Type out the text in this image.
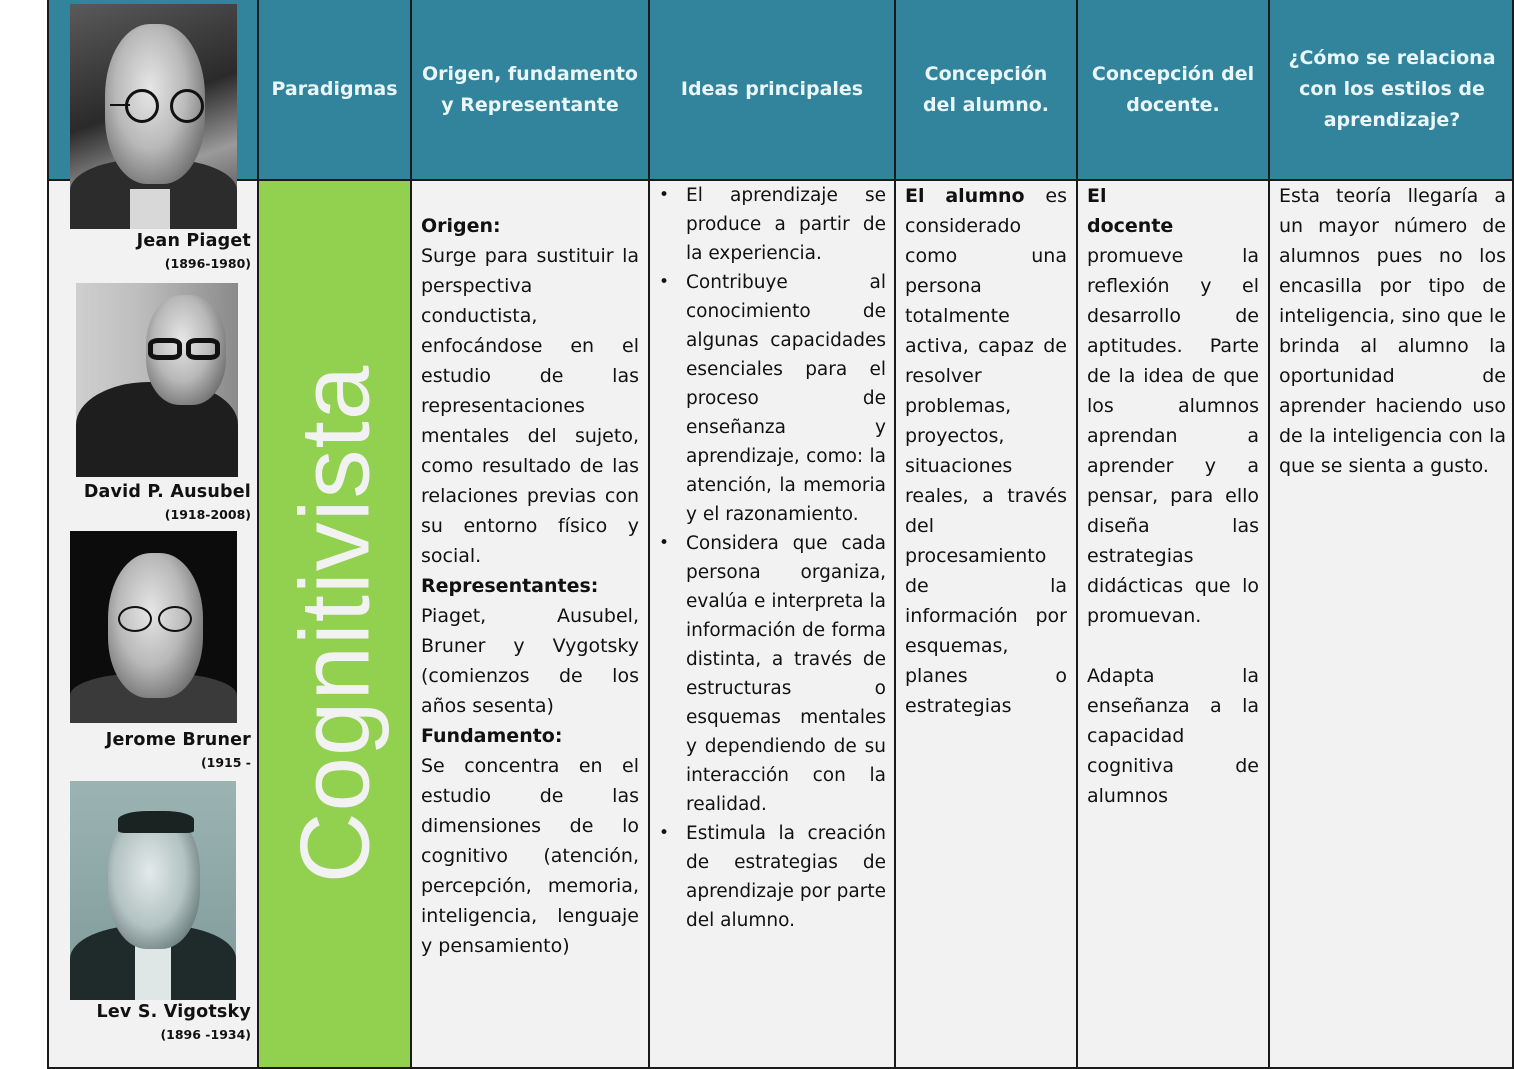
Paradigmas
Origen, fundamento y Representante
Ideas principales
Concepción del alumno.
Concepción del docente.
¿Cómo se relaciona con los estilos de aprendizaje?
Cognitivista
Origen:
Surge para sustituir la perspectiva conductista, enfocándose en el estudio de las representaciones mentales del sujeto, como resultado de las relaciones previas con su entorno físico y social.
Representantes:
Piaget, Ausubel, Bruner y Vygotsky (comienzos de los años sesenta)
Fundamento:
Se concentra en el estudio de las dimensiones de lo cognitivo (atención, percepción, memoria, inteligencia, lenguaje y pensamiento)
• El aprendizaje se produce a partir de la experiencia.
• Contribuye al conocimiento de algunas capacidades esenciales para el proceso de enseñanza y aprendizaje, como: la atención, la memoria y el razonamiento.
• Considera que cada persona organiza, evalúa e interpreta la información de forma distinta, a través de estructuras o esquemas mentales y dependiendo de su interacción con la realidad.
• Estimula la creación de estrategias de aprendizaje por parte del alumno.
El alumno es considerado como una persona totalmente activa, capaz de resolver problemas, proyectos, situaciones reales, a través del procesamiento de la información por esquemas, planes o estrategias
El docente promueve la reflexión y el desarrollo de aptitudes. Parte de la idea de que los alumnos aprendan a aprender y a pensar, para ello diseña las estrategias didácticas que lo promuevan.
Adapta la enseñanza a la capacidad cognitiva de alumnos
Esta teoría llegaría a un mayor número de alumnos pues no los encasilla por tipo de inteligencia, sino que le brinda al alumno la oportunidad de aprender haciendo uso de la inteligencia con la que se sienta a gusto.
Jean Piaget
(1896-1980)
David P. Ausubel
(1918-2008)
Jerome Bruner
(1915 -
Lev S. Vigotsky
(1896 -1934)
